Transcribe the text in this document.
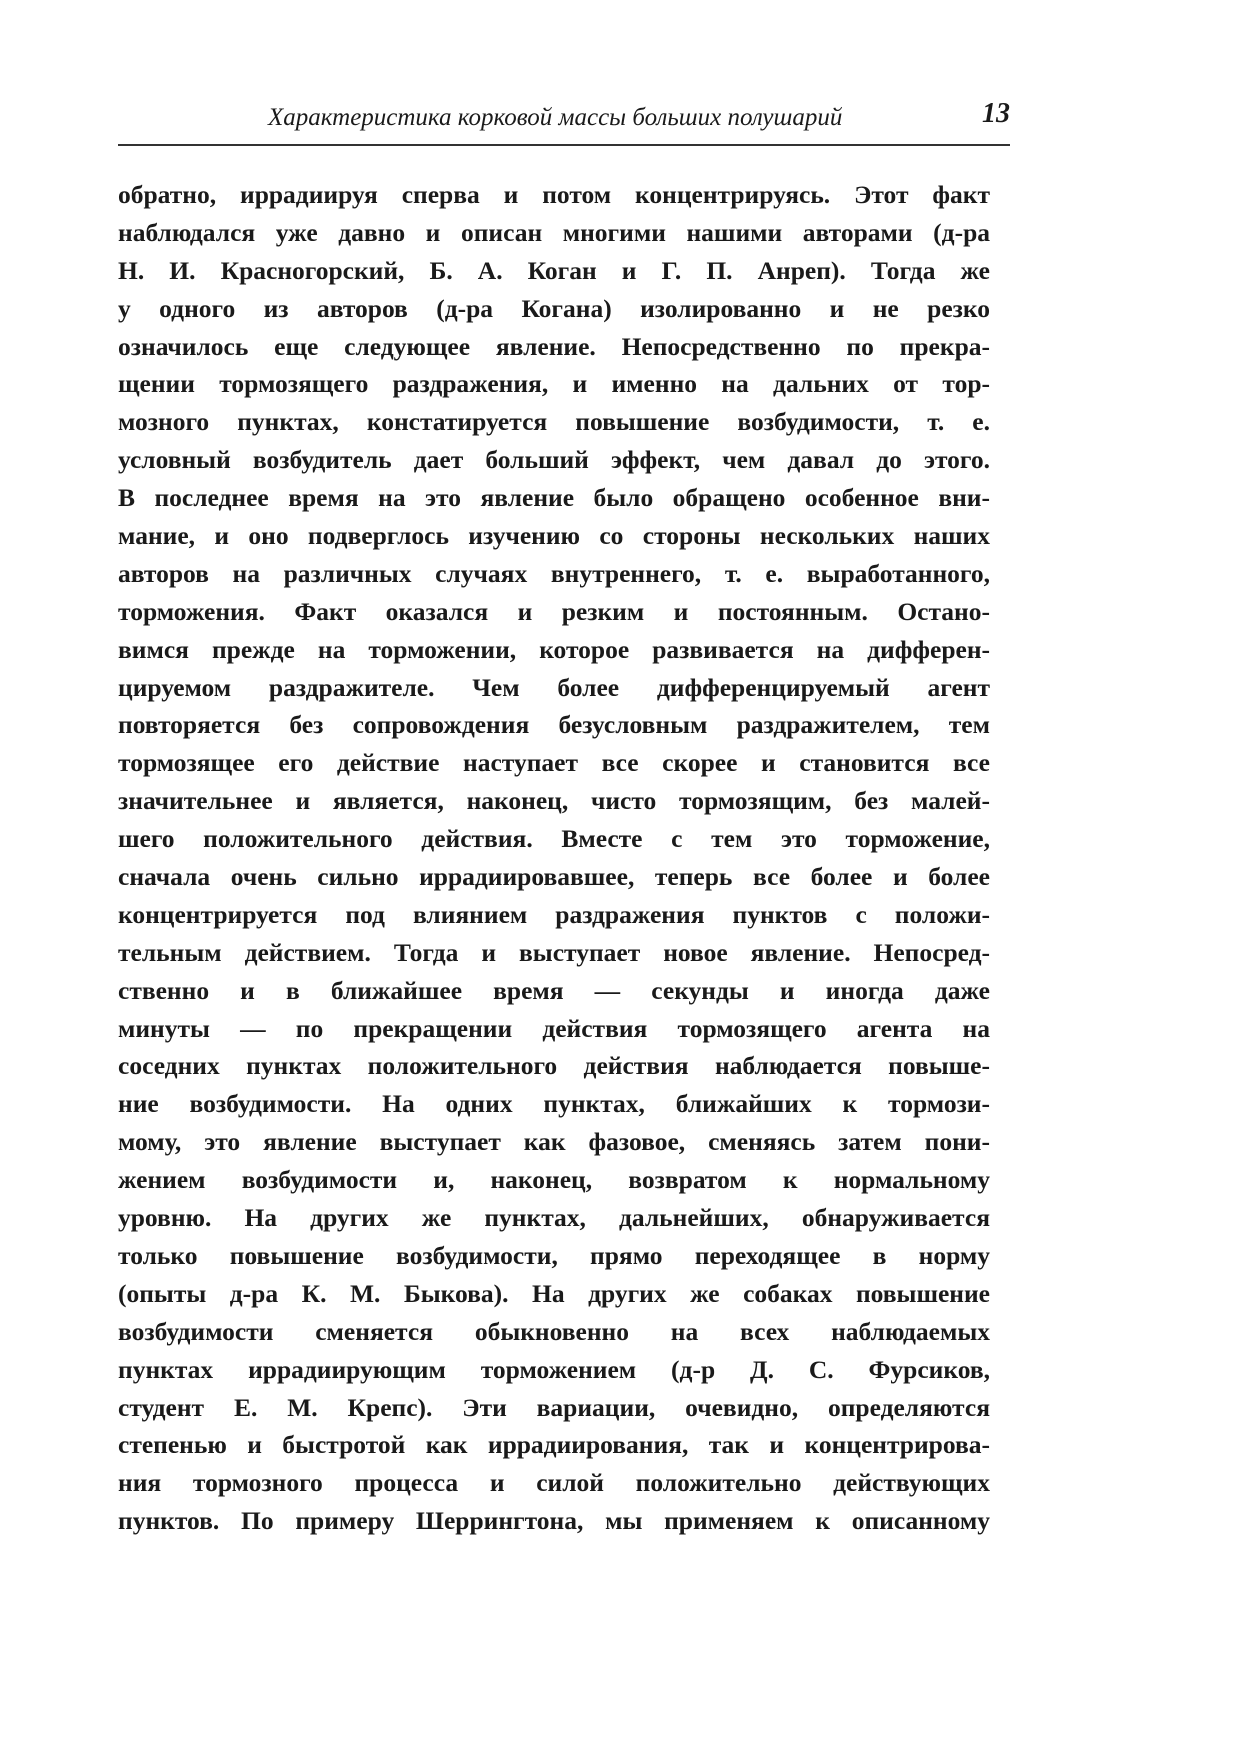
Характеристика корковой массы больших полушарий	13
обратно, иррадиируя сперва и потом концентрируясь. Этот факт
наблюдался уже давно и описан многими нашими авторами (д-ра
Н. И. Красногорский, Б. А. Коган и Г. П. Анреп). Тогда же
у одного из авторов (д-ра Когана) изолированно и не резко
означилось еще следующее явление. Непосредственно по прекра-
щении тормозящего раздражения, и именно на дальних от тор-
мозного пунктах, констатируется повышение возбудимости, т. е.
условный возбудитель дает больший эффект, чем давал до этого.
В последнее время на это явление было обращено особенное вни-
мание, и оно подверглось изучению со стороны нескольких наших
авторов на различных случаях внутреннего, т. е. выработанного,
торможения. Факт оказался и резким и постоянным. Остано-
вимся прежде на торможении, которое развивается на дифферен-
цируемом раздражителе. Чем более дифференцируемый агент
повторяется без сопровождения безусловным раздражителем, тем
тормозящее его действие наступает все скорее и становится все
значительнее и является, наконец, чисто тормозящим, без малей-
шего положительного действия. Вместе с тем это торможение,
сначала очень сильно иррадиировавшее, теперь все более и более
концентрируется под влиянием раздражения пунктов с положи-
тельным действием. Тогда и выступает новое явление. Непосред-
ственно и в ближайшее время — секунды и иногда даже
минуты — по прекращении действия тормозящего агента на
соседних пунктах положительного действия наблюдается повыше-
ние возбудимости. На одних пунктах, ближайших к тормози-
мому, это явление выступает как фазовое, сменяясь затем пони-
жением возбудимости и, наконец, возвратом к нормальному
уровню. На других же пунктах, дальнейших, обнаруживается
только повышение возбудимости, прямо переходящее в норму
(опыты д-ра К. М. Быкова). На других же собаках повышение
возбудимости сменяется обыкновенно на всех наблюдаемых
пунктах иррадиирующим торможением (д-р Д. С. Фурсиков,
студент Е. М. Крепс). Эти вариации, очевидно, определяются
степенью и быстротой как иррадиирования, так и концентрирова-
ния тормозного процесса и силой положительно действующих
пунктов. По примеру Шеррингтона, мы применяем к описанному
